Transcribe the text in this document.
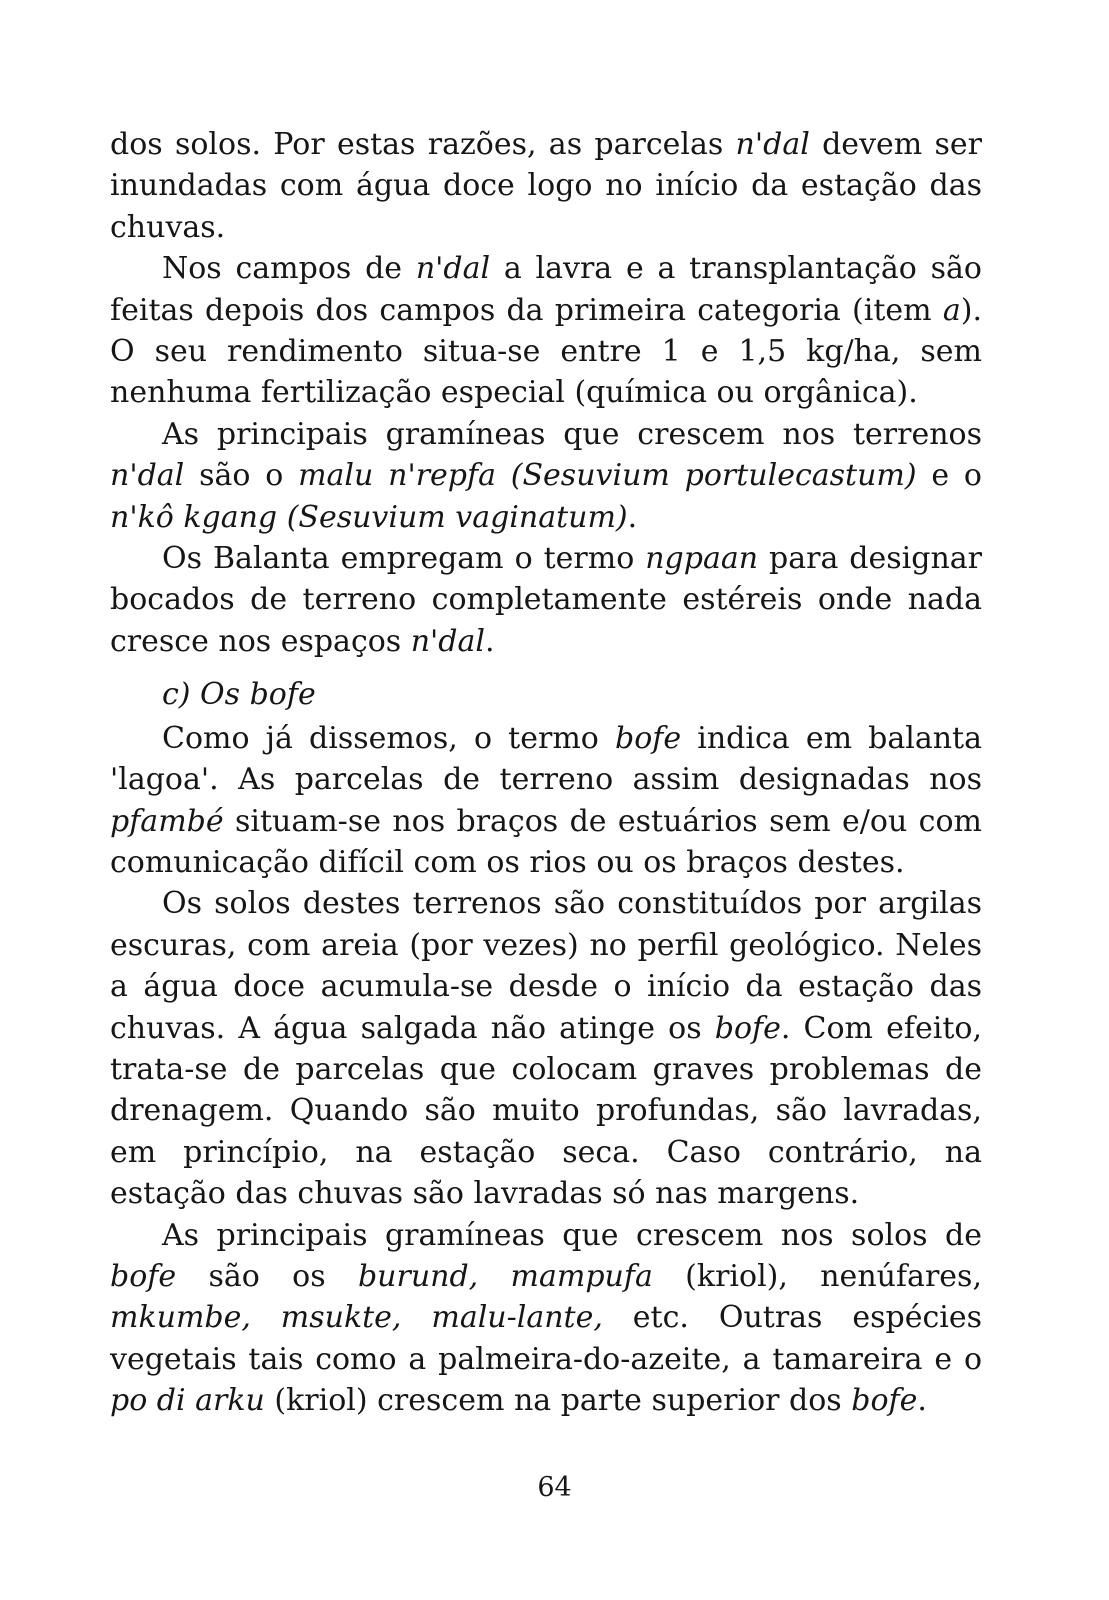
dos solos. Por estas razões, as parcelas n'dal devem ser inundadas com água doce logo no início da estação das chuvas.

Nos campos de n'dal a lavra e a transplantação são feitas depois dos campos da primeira categoria (item a). O seu rendimento situa-se entre 1 e 1,5 kg/ha, sem nenhuma fertilização especial (química ou orgânica).

As principais gramíneas que crescem nos terrenos n'dal são o malu n'repfa (Sesuvium portulecastum) e o n'kô kgang (Sesuvium vaginatum).

Os Balanta empregam o termo ngpaan para designar bocados de terreno completamente estéreis onde nada cresce nos espaços n'dal.

c) Os bofe

Como já dissemos, o termo bofe indica em balanta 'lagoa'. As parcelas de terreno assim designadas nos pfambé situam-se nos braços de estuários sem e/ou com comunicação difícil com os rios ou os braços destes.

Os solos destes terrenos são constituídos por argilas escuras, com areia (por vezes) no perfil geológico. Neles a água doce acumula-se desde o início da estação das chuvas. A água salgada não atinge os bofe. Com efeito, trata-se de parcelas que colocam graves problemas de drenagem. Quando são muito profundas, são lavradas, em princípio, na estação seca. Caso contrário, na estação das chuvas são lavradas só nas margens.

As principais gramíneas que crescem nos solos de bofe são os burund, mampufa (kriol), nenúfares, mkumbe, msukte, malu-lante, etc. Outras espécies vegetais tais como a palmeira-do-azeite, a tamareira e o po di arku (kriol) crescem na parte superior dos bofe.

64
